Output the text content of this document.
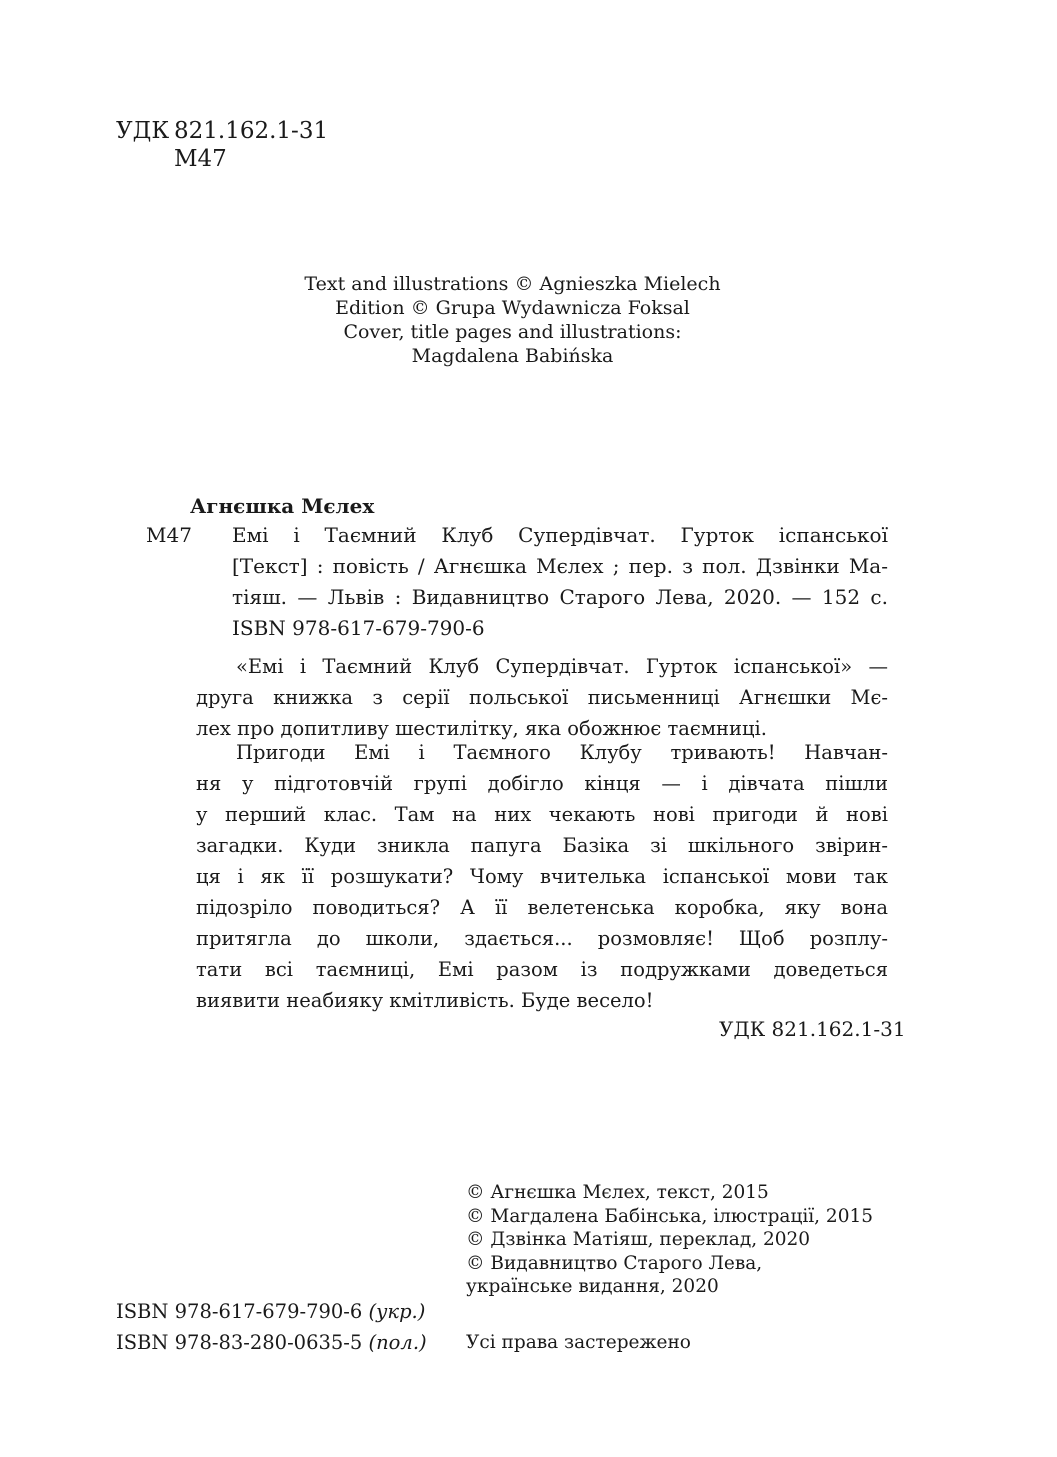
УДК 821.162.1-31
М47
Text and illustrations © Agnieszka Mielech
Edition © Grupa Wydawnicza Foksal
Cover, title pages and illustrations:
Magdalena Babińska
Агнєшка Мєлех
М47 Емі і Таємний Клуб Супердівчат. Гурток іспанської
[Текст] : повість / Агнєшка Мєлех ; пер. з пол. Дзвінки Ма-
тіяш. — Львів : Видавництво Старого Лева, 2020. — 152 с.
ISBN 978-617-679-790-6
«Емі і Таємний Клуб Супердівчат. Гурток іспанської» —
друга книжка з серії польської письменниці Агнєшки Мє-
лех про допитливу шестилітку, яка обожнює таємниці.
Пригоди Емі і Таємного Клубу тривають! Навчан-
ня у підготовчій групі добігло кінця — і дівчата пішли
у перший клас. Там на них чекають нові пригоди й нові
загадки. Куди зникла папуга Базіка зі шкільного звірин-
ця і як її розшукати? Чому вчителька іспанської мови так
підозріло поводиться? А її велетенська коробка, яку вона
притягла до школи, здається... розмовляє! Щоб розплу-
тати всі таємниці, Емі разом із подружками доведеться
виявити неабияку кмітливість. Буде весело!
УДК 821.162.1-31
© Агнєшка Мєлех, текст, 2015
© Магдалена Бабінська, ілюстрації, 2015
© Дзвінка Матіяш, переклад, 2020
© Видавництво Старого Лева,
українське видання, 2020
ISBN 978-617-679-790-6 (укр.)
ISBN 978-83-280-0635-5 (пол.) Усі права застережено
